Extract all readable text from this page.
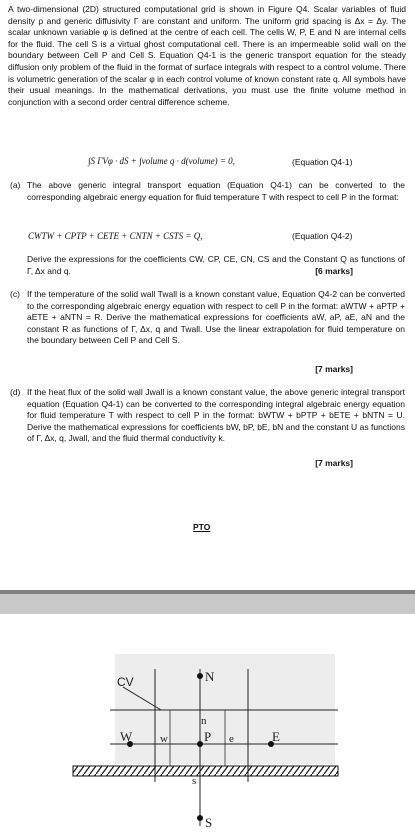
A two-dimensional (2D) structured computational grid is shown in Figure Q4. Scalar variables of fluid density ρ and generic diffusivity Γ are constant and uniform. The uniform grid spacing is Δx = Δy. The scalar unknown variable φ is defined at the centre of each cell. The cells W, P, E and N are internal cells for the fluid. The cell S is a virtual ghost computational cell. There is an impermeable solid wall on the boundary between Cell P and Cell S. Equation Q4-1 is the generic transport equation for the steady diffusion only problem of the fluid in the format of surface integrals with respect to a control volume. There is volumetric generation of the scalar φ in each control volume of known constant rate q. All symbols have their usual meanings. In the mathematical derivations, you must use the finite volume method in conjunction with a second order central difference scheme.

∫S ΓVφ · dS + ∫volume q · d(volume) = 0,	(Equation Q4-1)
(a) The above generic integral transport equation (Equation Q4-1) can be converted to the corresponding algebraic energy equation for fluid temperature T with respect to cell P in the format:
CWTW + CPTP + CETE + CNTN + CSTS = Q,	(Equation Q4-2)
Derive the expressions for the coefficients CW, CP, CE, CN, CS and the Constant Q as functions of Γ, Δx and q.	[6 marks]
(c) If the temperature of the solid wall Twall is a known constant value, Equation Q4-2 can be converted to the corresponding algebraic energy equation with respect to cell P in the format: aWTW + aPTP + aETE + aNTN = R. Derive the mathematical expressions for coefficients aW, aP, aE, aN and the constant R as functions of Γ, Δx, q and Twall. Use the linear extrapolation for fluid temperature on the boundary between Cell P and Cell S.
[7 marks]
(d) If the heat flux of the solid wall Jwall is a known constant value, the above generic integral transport equation (Equation Q4-1) can be converted to the corresponding integral algebraic energy equation for fluid temperature T with respect to cell P in the format: bWTW + bPTP + bETE + bNTN = U. Derive the mathematical expressions for coefficients bW, bP, bE, bN and the constant U as functions of Γ, Δx, q, Jwall, and the fluid thermal conductivity k.
[7 marks]
PTO
CV	N
n
W	w	P e	E
s
S
